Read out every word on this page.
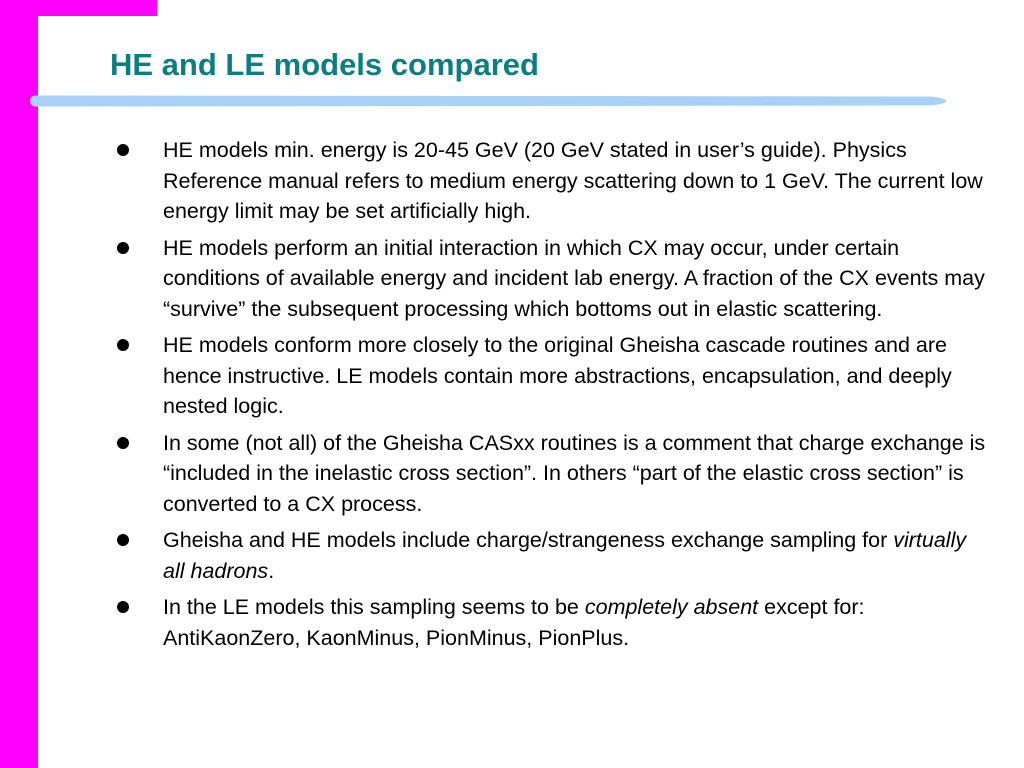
HE and LE models compared
HE models min. energy is 20-45 GeV (20 GeV stated in user’s guide). Physics Reference manual refers to medium energy scattering down to 1 GeV. The current low energy limit may be set artificially high.
HE models perform an initial interaction in which CX may occur, under certain conditions of available energy and incident lab energy. A fraction of the CX events may “survive” the subsequent processing which bottoms out in elastic scattering.
HE models conform more closely to the original Gheisha cascade routines and are hence instructive. LE models contain more abstractions, encapsulation, and deeply nested logic.
In some (not all) of the Gheisha CASxx routines is a comment that charge exchange is “included in the inelastic cross section”. In others “part of the elastic cross section” is converted to a CX process.
Gheisha and HE models include charge/strangeness exchange sampling for virtually all hadrons.
In the LE models this sampling seems to be completely absent except for: AntiKaonZero, KaonMinus, PionMinus, PionPlus.
